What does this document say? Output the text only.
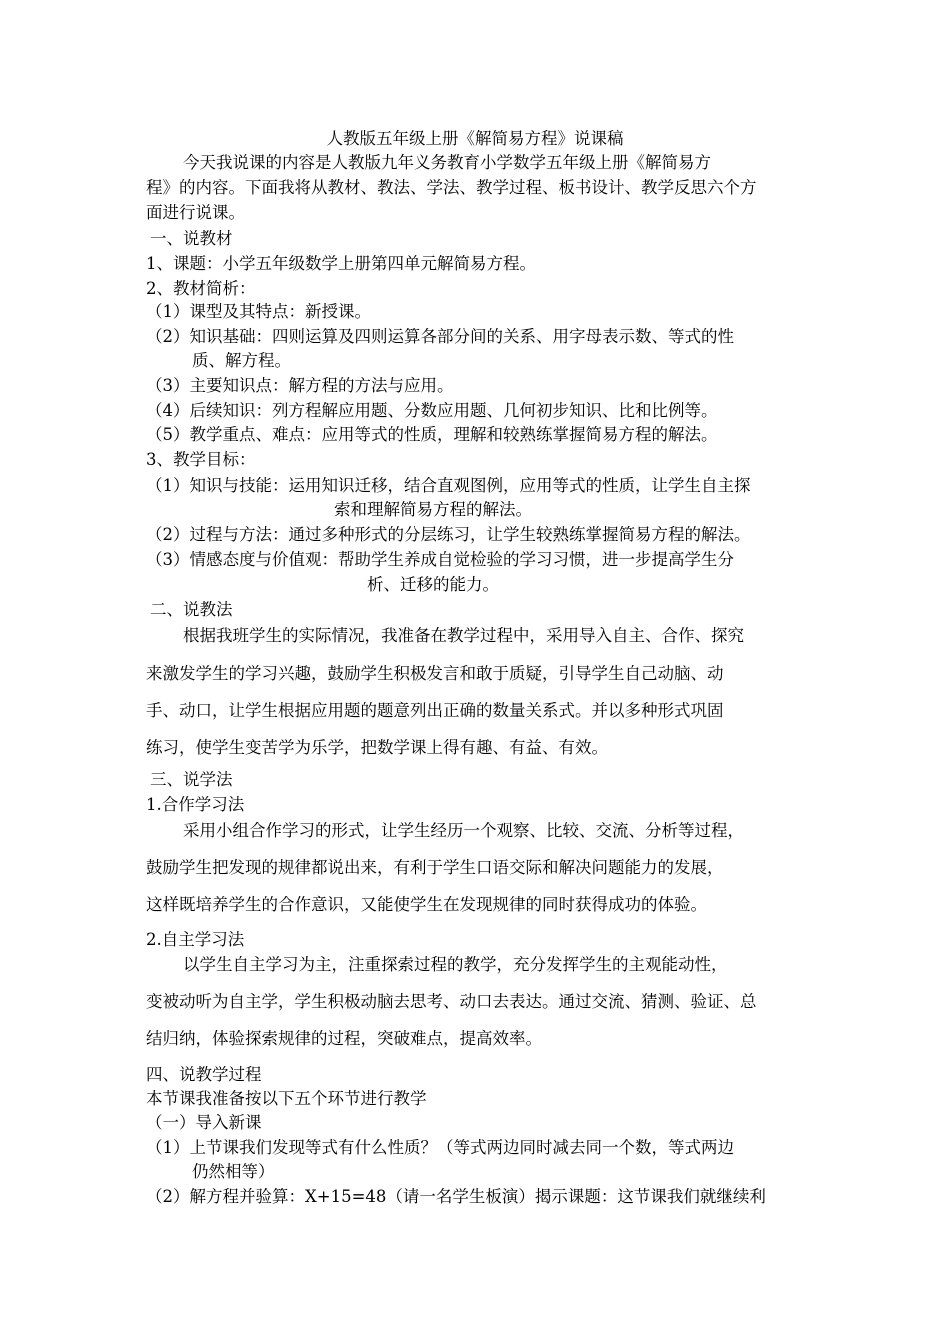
人教版五年级上册《解简易方程》说课稿
今天我说课的内容是人教版九年义务教育小学数学五年级上册《解简易方
程》的内容。下面我将从教材、教法、学法、教学过程、板书设计、教学反思六个方
面进行说课。
一、说教材
1、课题：小学五年级数学上册第四单元解简易方程。
2、教材简析：
（1）课型及其特点：新授课。
（2）知识基础：四则运算及四则运算各部分间的关系、用字母表示数、等式的性
质、解方程。
（3）主要知识点：解方程的方法与应用。
（4）后续知识：列方程解应用题、分数应用题、几何初步知识、比和比例等。
（5）教学重点、难点：应用等式的性质，理解和较熟练掌握简易方程的解法。
3、教学目标：
（1）知识与技能：运用知识迁移，结合直观图例，应用等式的性质，让学生自主探
索和理解简易方程的解法。
（2）过程与方法：通过多种形式的分层练习，让学生较熟练掌握简易方程的解法。
（3）情感态度与价值观：帮助学生养成自觉检验的学习习惯，进一步提高学生分
析、迁移的能力。
二、说教法
根据我班学生的实际情况，我准备在教学过程中，采用导入自主、合作、探究
来激发学生的学习兴趣，鼓励学生积极发言和敢于质疑，引导学生自己动脑、动
手、动口，让学生根据应用题的题意列出正确的数量关系式。并以多种形式巩固
练习，使学生变苦学为乐学，把数学课上得有趣、有益、有效。
三、说学法
1.合作学习法
采用小组合作学习的形式，让学生经历一个观察、比较、交流、分析等过程，
鼓励学生把发现的规律都说出来，有利于学生口语交际和解决问题能力的发展，
这样既培养学生的合作意识，又能使学生在发现规律的同时获得成功的体验。
2.自主学习法
以学生自主学习为主，注重探索过程的教学，充分发挥学生的主观能动性，
变被动听为自主学，学生积极动脑去思考、动口去表达。通过交流、猜测、验证、总
结归纳，体验探索规律的过程，突破难点，提高效率。
四、说教学过程
本节课我准备按以下五个环节进行教学
（一）导入新课
（1）上节课我们发现等式有什么性质？（等式两边同时减去同一个数，等式两边
仍然相等）
（2）解方程并验算：X+15=48（请一名学生板演）揭示课题：这节课我们就继续利
